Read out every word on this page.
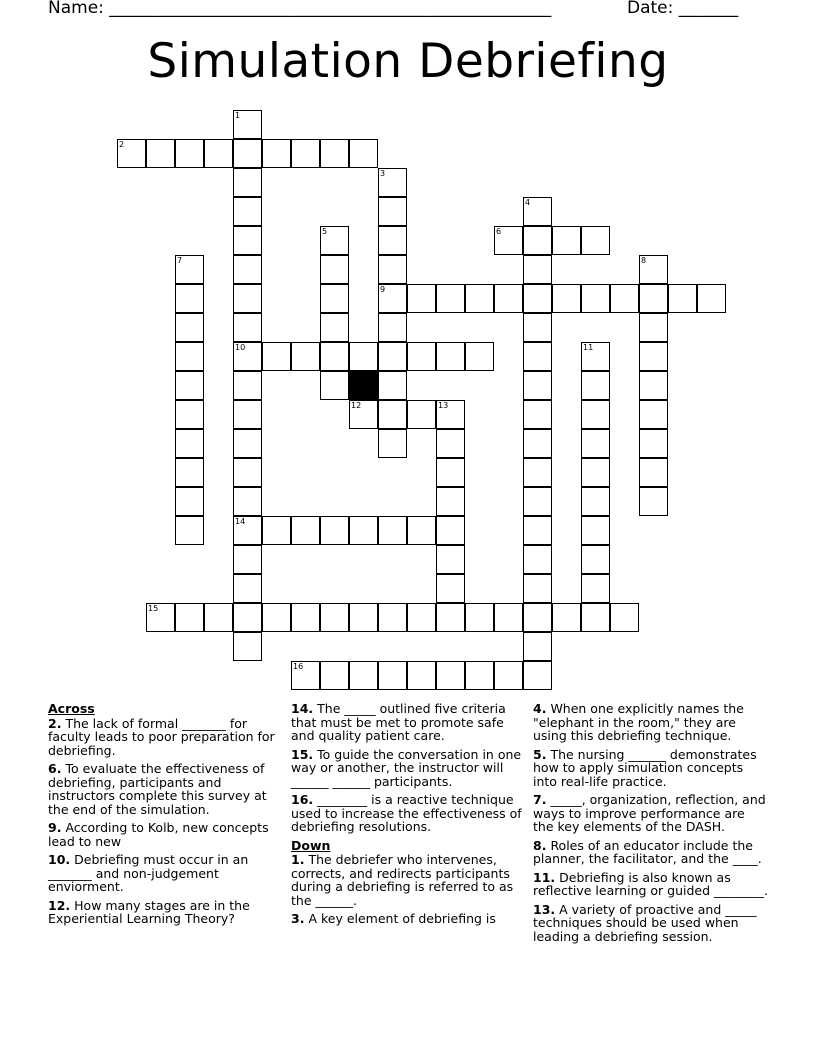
Name: ____________________________________________________	Date: _______
Simulation Debriefing
1
2
3
4
5	6
7	8
9
10	11
12	13
14
15
16
Across
2. The lack of formal _______ for faculty leads to poor preparation for debriefing.
6. To evaluate the effectiveness of debriefing, participants and instructors complete this survey at the end of the simulation.
9. According to Kolb, new concepts lead to new
10. Debriefing must occur in an _______ and non-judgement enviorment.
12. How many stages are in the Experiential Learning Theory?
14. The _____ outlined five criteria that must be met to promote safe and quality patient care.
15. To guide the conversation in one way or another, the instructor will ______ ______ participants.
16. ________ is a reactive technique used to increase the effectiveness of debriefing resolutions.
Down
1. The debriefer who intervenes, corrects, and redirects participants during a debriefing is referred to as the ______.
3. A key element of debriefing is
4. When one explicitly names the "elephant in the room," they are using this debriefing technique.
5. The nursing ______ demonstrates how to apply simulation concepts into real-life practice.
7. _____, organization, reflection, and ways to improve performance are the key elements of the DASH.
8. Roles of an educator include the planner, the facilitator, and the ____.
11. Debriefing is also known as reflective learning or guided ________.
13. A variety of proactive and _____ techniques should be used when leading a debriefing session.
